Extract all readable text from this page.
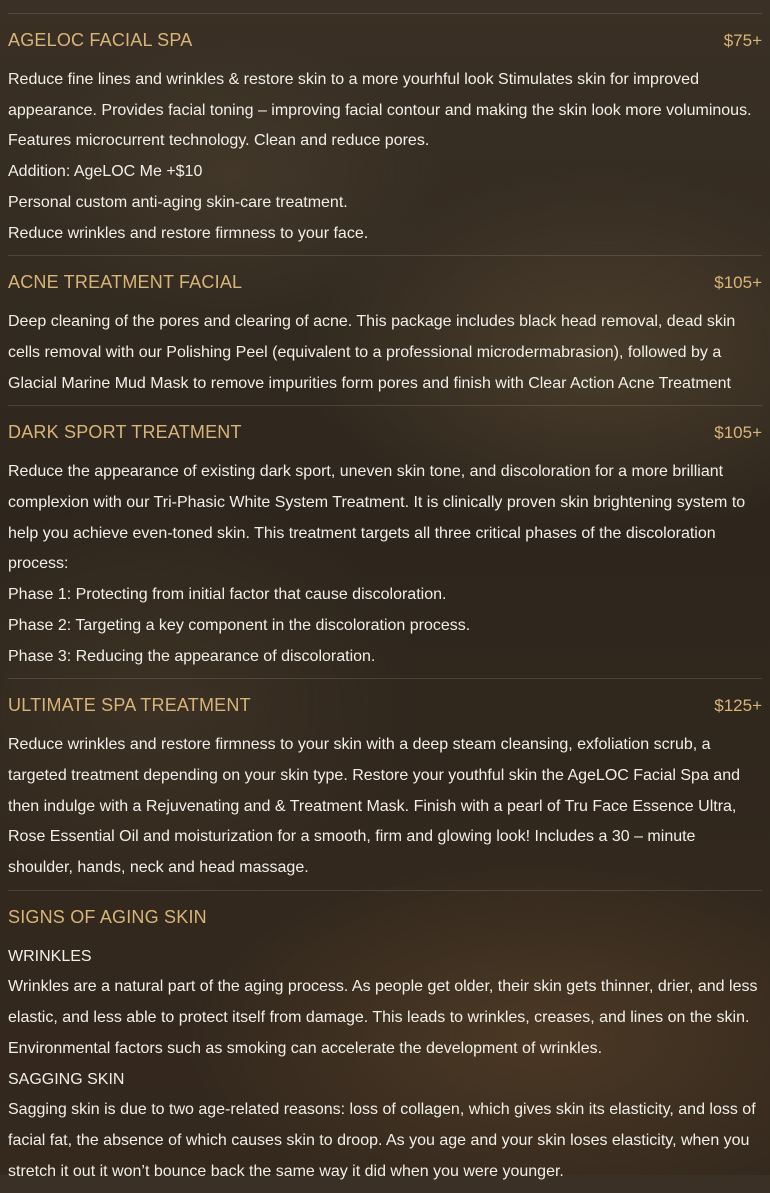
AGELOC FACIAL SPA	$75+

Reduce fine lines and wrinkles & restore skin to a more yourhful look Stimulates skin for improved appearance. Provides facial toning – improving facial contour and making the skin look more voluminous. Features microcurrent technology. Clean and reduce pores.

Addition: AgeLOC Me +$10

Personal custom anti-aging skin-care treatment.

Reduce wrinkles and restore firmness to your face.

ACNE TREATMENT FACIAL	$105+

Deep cleaning of the pores and clearing of acne. This package includes black head removal, dead skin cells removal with our Polishing Peel (equivalent to a professional microdermabrasion), followed by a Glacial Marine Mud Mask to remove impurities form pores and finish with Clear Action Acne Treatment

DARK SPORT TREATMENT	$105+

Reduce the appearance of existing dark sport, uneven skin tone, and discoloration for a more brilliant complexion with our Tri-Phasic White System Treatment. It is clinically proven skin brightening system to help you achieve even-toned skin. This treatment targets all three critical phases of the discoloration process:

Phase 1: Protecting from initial factor that cause discoloration.

Phase 2: Targeting a key component in the discoloration process.

Phase 3: Reducing the appearance of discoloration.

ULTIMATE SPA TREATMENT	$125+

Reduce wrinkles and restore firmness to your skin with a deep steam cleansing, exfoliation scrub, a targeted treatment depending on your skin type. Restore your youthful skin the AgeLOC Facial Spa and then indulge with a Rejuvenating and & Treatment Mask. Finish with a pearl of Tru Face Essence Ultra, Rose Essential Oil and moisturization for a smooth, firm and glowing look! Includes a 30 – minute shoulder, hands, neck and head massage.

SIGNS OF AGING SKIN

WRINKLES

Wrinkles are a natural part of the aging process. As people get older, their skin gets thinner, drier, and less elastic, and less able to protect itself from damage. This leads to wrinkles, creases, and lines on the skin. Environmental factors such as smoking can accelerate the development of wrinkles.

SAGGING SKIN

Sagging skin is due to two age-related reasons: loss of collagen, which gives skin its elasticity, and loss of facial fat, the absence of which causes skin to droop. As you age and your skin loses elasticity, when you stretch it out it won’t bounce back the same way it did when you were younger.
